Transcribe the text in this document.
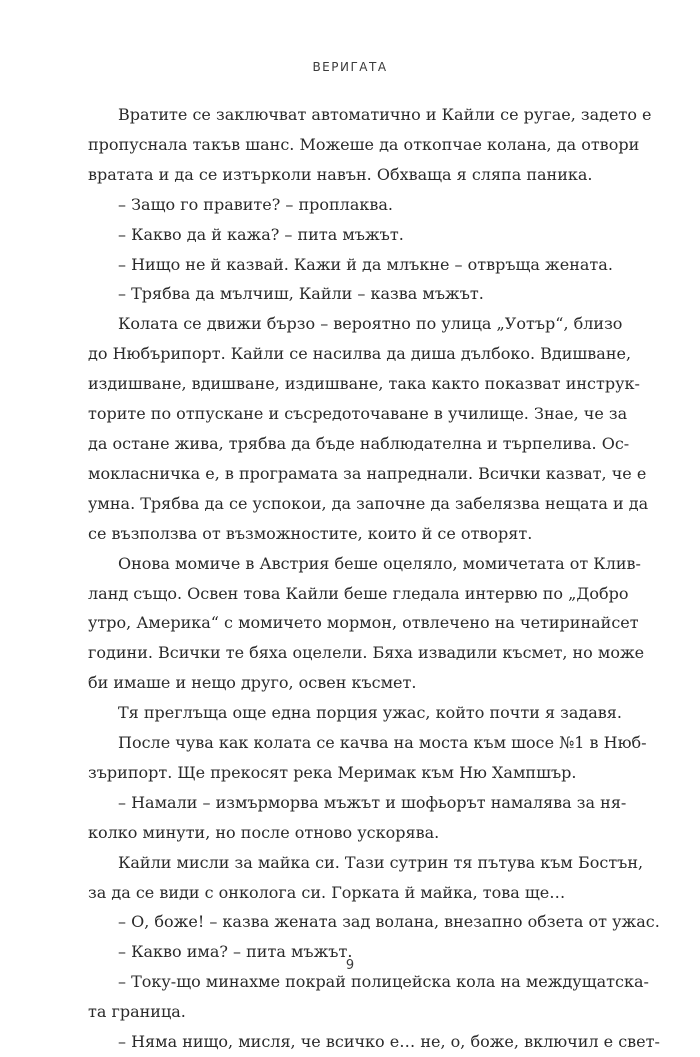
ВЕРИГАТА

Вратите се заключват автоматично и Кайли се ругае, задето е
пропуснала такъв шанс. Можеше да откопчае колана, да отвори
вратата и да се изтърколи навън. Обхваща я сляпа паника.

– Защо го правите? – проплаква.

– Какво да й кажа? – пита мъжът.

– Нищо не й казвай. Кажи й да млъкне – отвръща жената.

– Трябва да мълчиш, Кайли – казва мъжът.

Колата се движи бързо – вероятно по улица „Уотър“, близо
до Нюбърипорт. Кайли се насилва да диша дълбоко. Вдишване,
издишване, вдишване, издишване, така както показват инструк-
торите по отпускане и съсредоточаване в училище. Знае, че за
да остане жива, трябва да бъде наблюдателна и търпелива. Ос-
мокласничка е, в програмата за напреднали. Всички казват, че е
умна. Трябва да се успокои, да започне да забелязва нещата и да
се възползва от възможностите, които й се отворят.

Онова момиче в Австрия беше оцеляло, момичетата от Клив-
ланд също. Освен това Кайли беше гледала интервю по „Добро
утро, Америка“ с момичето мормон, отвлечено на четиринайсет
години. Всички те бяха оцелели. Бяха извадили късмет, но може
би имаше и нещо друго, освен късмет.

Тя преглъща още една порция ужас, който почти я задавя.

После чува как колата се качва на моста към шосе №1 в Нюб-
зърипорт. Ще прекосят река Меримак към Ню Хампшър.

– Намали – измърморва мъжът и шофьорът намалява за ня-
колко минути, но после отново ускорява.

Кайли мисли за майка си. Тази сутрин тя пътува към Бостън,
за да се види с онколога си. Горката й майка, това ще…

– О, боже! – казва жената зад волана, внезапно обзета от ужас.

– Какво има? – пита мъжът.

– Току-що минахме покрай полицейска кола на междущатска-
та граница.

– Няма нищо, мисля, че всичко е… не, о, боже, включил е свет-

9
